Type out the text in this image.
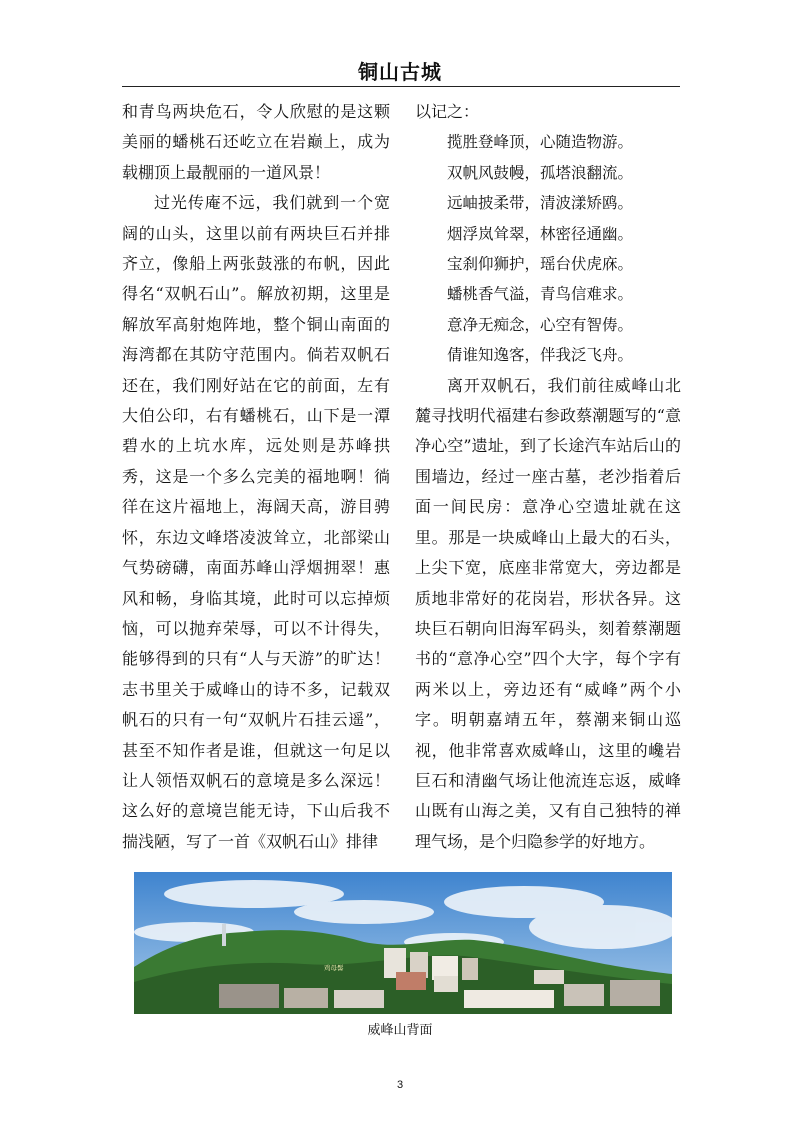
铜山古城

和青鸟两块危石，令人欣慰的是这颗美丽的蟠桃石还屹立在岩巅上，成为载棚顶上最靓丽的一道风景！

过光传庵不远，我们就到一个宽阔的山头，这里以前有两块巨石并排齐立，像船上两张鼓涨的布帆，因此得名“双帆石山”。解放初期，这里是解放军高射炮阵地，整个铜山南面的海湾都在其防守范围内。倘若双帆石还在，我们刚好站在它的前面，左有大伯公印，右有蟠桃石，山下是一潭碧水的上坑水库，远处则是苏峰拱秀，这是一个多么完美的福地啊！徜徉在这片福地上，海阔天高，游目骋怀，东边文峰塔凌波耸立，北部梁山气势磅礴，南面苏峰山浮烟拥翠！惠风和畅，身临其境，此时可以忘掉烦恼，可以抛弃荣辱，可以不计得失，能够得到的只有“人与天游”的旷达！志书里关于威峰山的诗不多，记载双帆石的只有一句“双帆片石挂云遥”，甚至不知作者是谁，但就这一句足以让人领悟双帆石的意境是多么深远！这么好的意境岂能无诗，下山后我不揣浅陋，写了一首《双帆石山》排律

以记之：

揽胜登峰顶，心随造物游。
双帆风鼓幔，孤塔浪翻流。
远岫披柔带，清波漾矫鸥。
烟浮岚耸翠，林密径通幽。
宝刹仰狮护，瑶台伏虎庥。
蟠桃香气溢，青鸟信难求。
意净无痴念，心空有智俦。
倩谁知逸客，伴我泛飞舟。

离开双帆石，我们前往威峰山北麓寻找明代福建右参政蔡潮题写的“意净心空”遗址，到了长途汽车站后山的围墙边，经过一座古墓，老沙指着后面一间民房：意净心空遗址就在这里。那是一块威峰山上最大的石头，上尖下宽，底座非常宽大，旁边都是质地非常好的花岗岩，形状各异。这块巨石朝向旧海军码头，刻着蔡潮题书的“意净心空”四个大字，每个字有两米以上，旁边还有“威峰”两个小字。明朝嘉靖五年，蔡潮来铜山巡视，他非常喜欢威峰山，这里的巉岩巨石和清幽气场让他流连忘返，威峰山既有山海之美，又有自己独特的禅理气场，是个归隐参学的好地方。

鸡母髻
威峰山背面
3
